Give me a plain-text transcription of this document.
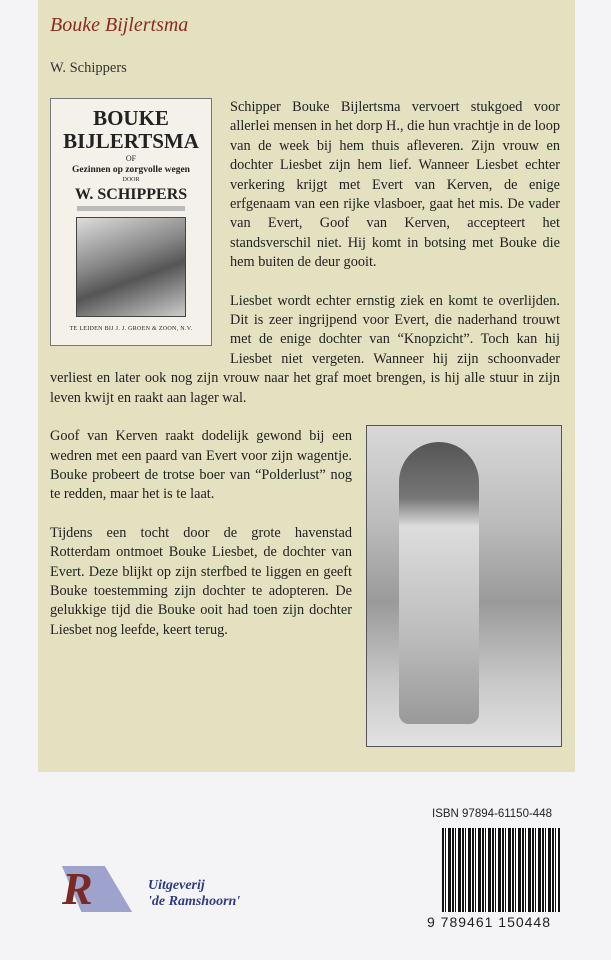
Bouke Bijlertsma
W. Schippers
BOUKE
BIJLERTSMA
OF
Gezinnen op zorgvolle wegen
DOOR
W. SCHIPPERS
TE LEIDEN BIJ J. J. GROEN & ZOON, N.V.

Schipper Bouke Bijlertsma vervoert stukgoed voor allerlei mensen in het dorp H., die hun vrachtje in de loop van de week bij hem thuis afleveren. Zijn vrouw en dochter Liesbet zijn hem lief. Wanneer Liesbet echter verkering krijgt met Evert van Kerven, de enige erfgenaam van een rijke vlasboer, gaat het mis. De vader van Evert, Goof van Kerven, accepteert het standsverschil niet. Hij komt in botsing met Bouke die hem buiten de deur gooit.

Liesbet wordt echter ernstig ziek en komt te overlijden. Dit is zeer ingrijpend voor Evert, die naderhand trouwt met de enige dochter van “Knopzicht”. Toch kan hij Liesbet niet vergeten. Wanneer hij zijn schoonvader verliest en later ook nog zijn vrouw naar het graf moet brengen, is hij alle stuur in zijn leven kwijt en raakt aan lager wal.

Goof van Kerven raakt dodelijk gewond bij een wedren met een paard van Evert voor zijn wagentje. Bouke probeert de trotse boer van “Polderlust” nog te redden, maar het is te laat.

Tijdens een tocht door de grote havenstad Rotterdam ontmoet Bouke Liesbet, de dochter van Evert. Deze blijkt op zijn sterfbed te liggen en geeft Bouke toestemming zijn dochter te adopteren. De gelukkige tijd die Bouke ooit had toen zijn dochter Liesbet nog leefde, keert terug.

R	Uitgeverij
'de Ramshoorn'
ISBN 97894-61150-448
9 789461 150448
